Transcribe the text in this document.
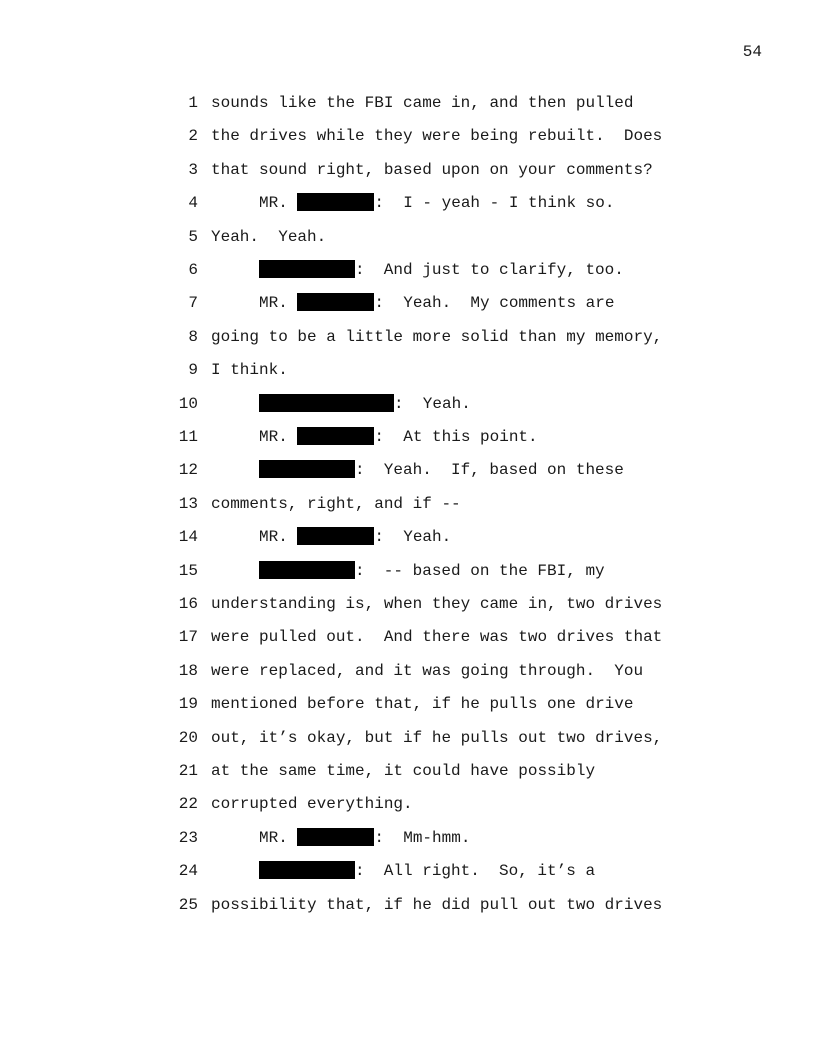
54
1 sounds like the FBI came in, and then pulled
2 the drives while they were being rebuilt.  Does
3 that sound right, based upon on your comments?
4	MR.	:  I - yeah - I think so.
5 Yeah.  Yeah.
6	:  And just to clarify, too.
7	MR.	:  Yeah.  My comments are
8 going to be a little more solid than my memory,
9 I think.
10	:  Yeah.
11	MR.	:  At this point.
12	:  Yeah.  If, based on these
13 comments, right, and if --
14	MR.	:  Yeah.
15	:  -- based on the FBI, my
16 understanding is, when they came in, two drives
17 were pulled out.  And there was two drives that
18 were replaced, and it was going through.  You
19 mentioned before that, if he pulls one drive
20 out, it’s okay, but if he pulls out two drives,
21 at the same time, it could have possibly
22 corrupted everything.
23	MR.	:  Mm-hmm.
24	:  All right.  So, it’s a
25 possibility that, if he did pull out two drives
